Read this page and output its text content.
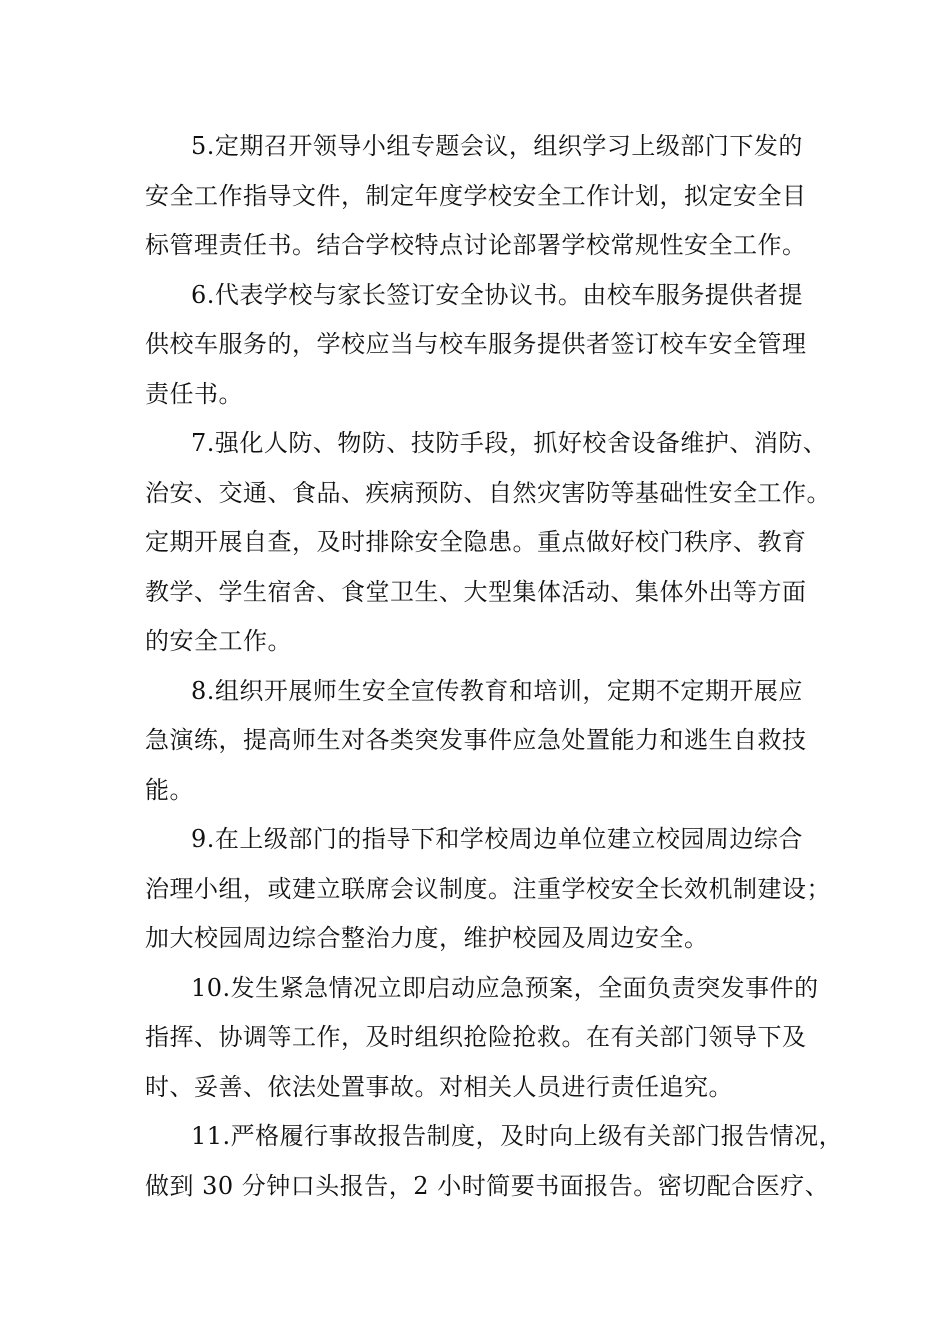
5.定期召开领导小组专题会议，组织学习上级部门下发的
安全工作指导文件，制定年度学校安全工作计划，拟定安全目
标管理责任书。结合学校特点讨论部署学校常规性安全工作。
6.代表学校与家长签订安全协议书。由校车服务提供者提
供校车服务的，学校应当与校车服务提供者签订校车安全管理
责任书。
7.强化人防、物防、技防手段，抓好校舍设备维护、消防、
治安、交通、食品、疾病预防、自然灾害防等基础性安全工作。
定期开展自查，及时排除安全隐患。重点做好校门秩序、教育
教学、学生宿舍、食堂卫生、大型集体活动、集体外出等方面
的安全工作。
8.组织开展师生安全宣传教育和培训，定期不定期开展应
急演练，提高师生对各类突发事件应急处置能力和逃生自救技
能。
9.在上级部门的指导下和学校周边单位建立校园周边综合
治理小组，或建立联席会议制度。注重学校安全长效机制建设；
加大校园周边综合整治力度，维护校园及周边安全。
10.发生紧急情况立即启动应急预案，全面负责突发事件的
指挥、协调等工作，及时组织抢险抢救。在有关部门领导下及
时、妥善、依法处置事故。对相关人员进行责任追究。
11.严格履行事故报告制度，及时向上级有关部门报告情况，
做到 30 分钟口头报告，2 小时简要书面报告。密切配合医疗、
